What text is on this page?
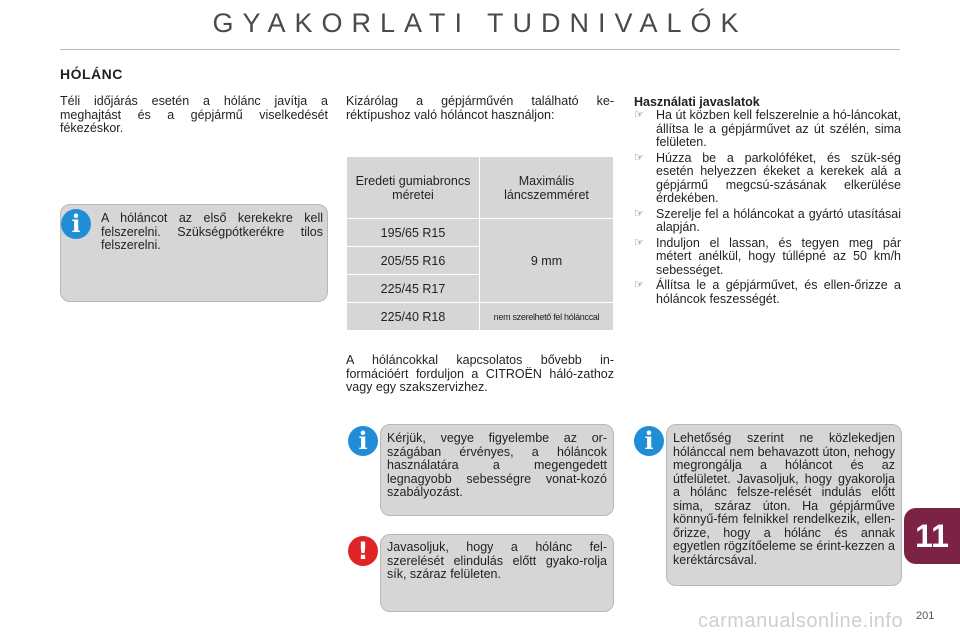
GYAKORLATI TUDNIVALÓK
HÓLÁNC

Téli időjárás esetén a hólánc javítja a meghajtást és a gépjármű viselkedését fékezéskor.

i	A hóláncot az első kerekekre kell felszerelni. Szükségpótkerékre tilos felszerelni.

Kizárólag a gépjárművén található ke-réktípushoz való hóláncot használjon:

Eredeti gumiabroncs méretei	Maximális láncszemméret
195/65 R15	9 mm
205/55 R16	
225/45 R17	
225/40 R18	nem szerelhető fel hólánccal

A hóláncokkal kapcsolatos bővebb in-formációért forduljon a CITROËN háló-zathoz vagy egy szakszervizhez.

i	Kérjük, vegye figyelembe az or-szágában érvényes, a hóláncok használatára a megengedett legnagyobb sebességre vonat-kozó szabályozást.
!	Javasoljuk, hogy a hólánc fel-szerelését elindulás előtt gyako-rolja sík, száraz felületen.
Használati javaslatok
☞ Ha út közben kell felszerelnie a hó-láncokat, állítsa le a gépjárművet az út szélén, sima felületen.
☞ Húzza be a parkolóféket, és szük-ség esetén helyezzen ékeket a kerekek alá a gépjármű megcsú-szásának elkerülése érdekében.
☞ Szerelje fel a hóláncokat a gyártó utasításai alapján.
☞ Induljon el lassan, és tegyen meg pár métert anélkül, hogy túllépné az 50 km/h sebességet.
☞ Állítsa le a gépjárművet, és ellen-őrizze a hóláncok feszességét.
i	Lehetőség szerint ne közlekedjen hólánccal nem behavazott úton, nehogy megrongálja a hóláncot és az útfelületet. Javasoljuk, hogy gyakorolja a hólánc felsze-relését indulás előtt sima, száraz úton. Ha gépjárműve könnyű-fém felnikkel rendelkezik, ellen-őrizze, hogy a hólánc és annak egyetlen rögzítőeleme se érint-kezzen a keréktárcsával.
11
carmanualsonline.info 201
